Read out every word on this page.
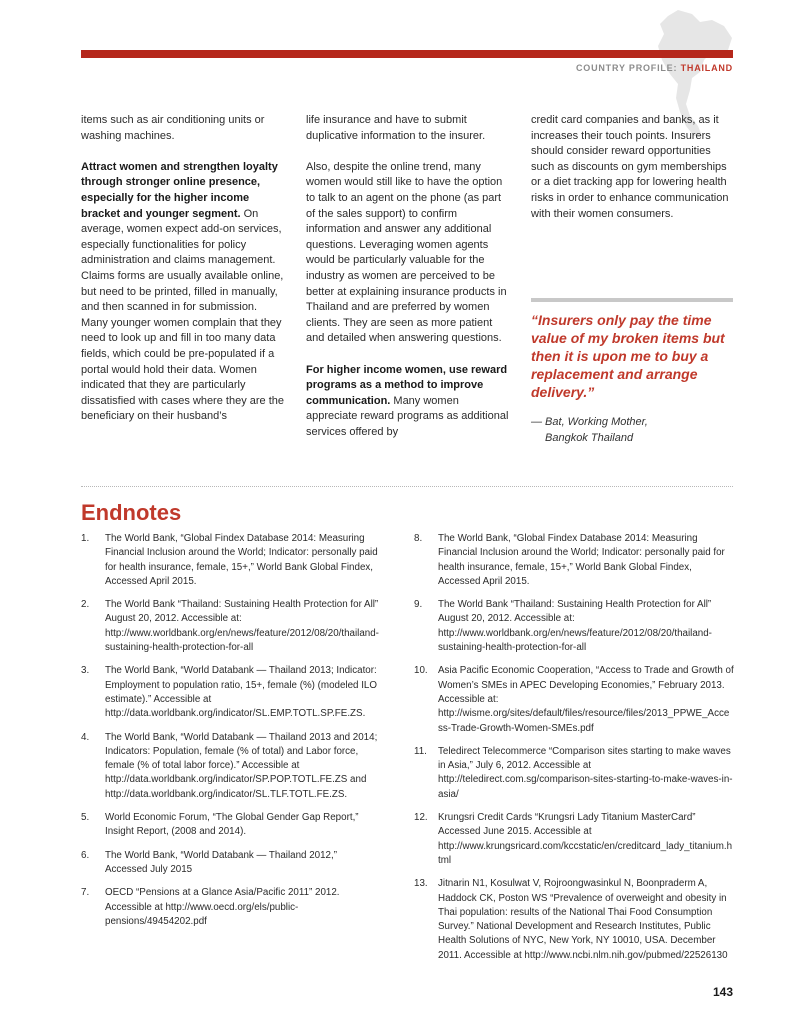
COUNTRY PROFILE: THAILAND

items such as air conditioning units or washing machines.

Attract women and strengthen loyalty through stronger online presence, especially for the higher income bracket and younger segment. On average, women expect add-on services, especially functionalities for policy administration and claims management. Claims forms are usually available online, but need to be printed, filled in manually, and then scanned in for submission. Many younger women complain that they need to look up and fill in too many data fields, which could be pre-populated if a portal would hold their data. Women indicated that they are particularly dissatisfied with cases where they are the beneficiary on their husband’s

life insurance and have to submit duplicative information to the insurer.

Also, despite the online trend, many women would still like to have the option to talk to an agent on the phone (as part of the sales support) to confirm information and answer any additional questions. Leveraging women agents would be particularly valuable for the industry as women are perceived to be better at explaining insurance products in Thailand and are preferred by women clients. They are seen as more patient and detailed when answering questions.

For higher income women, use reward programs as a method to improve communication. Many women appreciate reward programs as additional services offered by

credit card companies and banks, as it increases their touch points. Insurers should consider reward opportunities such as discounts on gym memberships or a diet tracking app for lowering health risks in order to enhance communication with their women consumers.

“Insurers only pay the time value of my broken items but then it is upon me to buy a replacement and arrange delivery.”
— Bat, Working Mother,
Bangkok Thailand
Endnotes
1. The World Bank, “Global Findex Database 2014: Measuring Financial Inclusion around the World; Indicator: personally paid for health insurance, female, 15+,” World Bank Global Findex, Accessed April 2015.
2. The World Bank “Thailand: Sustaining Health Protection for All” August 20, 2012. Accessible at: http://www.worldbank.org/en/news/feature/2012/08/20/thailand-sustaining-health-protection-for-all
3. The World Bank, “World Databank — Thailand 2013; Indicator: Employment to population ratio, 15+, female (%) (modeled ILO estimate).” Accessible at http://data.worldbank.org/indicator/SL.EMP.TOTL.SP.FE.ZS.
4. The World Bank, “World Databank — Thailand 2013 and 2014; Indicators: Population, female (% of total) and Labor force, female (% of total labor force).” Accessible at http://data.worldbank.org/indicator/SP.POP.TOTL.FE.ZS and http://data.worldbank.org/indicator/SL.TLF.TOTL.FE.ZS.
5. World Economic Forum, “The Global Gender Gap Report,” Insight Report, (2008 and 2014).
6. The World Bank, “World Databank — Thailand 2012,” Accessed July 2015
7. OECD “Pensions at a Glance Asia/Pacific 2011” 2012. Accessible at http://www.oecd.org/els/public-pensions/49454202.pdf
8. The World Bank, “Global Findex Database 2014: Measuring Financial Inclusion around the World; Indicator: personally paid for health insurance, female, 15+,” World Bank Global Findex, Accessed April 2015.
9. The World Bank “Thailand: Sustaining Health Protection for All” August 20, 2012. Accessible at: http://www.worldbank.org/en/news/feature/2012/08/20/thailand-sustaining-health-protection-for-all
10. Asia Pacific Economic Cooperation, “Access to Trade and Growth of Women’s SMEs in APEC Developing Economies,” February 2013. Accessible at: http://wisme.org/sites/default/files/resource/files/2013_PPWE_Access-Trade-Growth-Women-SMEs.pdf
11. Teledirect Telecommerce “Comparison sites starting to make waves in Asia,” July 6, 2012. Accessible at http://teledirect.com.sg/comparison-sites-starting-to-make-waves-in-asia/
12. Krungsri Credit Cards “Krungsri Lady Titanium MasterCard” Accessed June 2015. Accessible at http://www.krungsricard.com/kccstatic/en/creditcard_lady_titanium.html
13. Jitnarin N1, Kosulwat V, Rojroongwasinkul N, Boonpraderm A, Haddock CK, Poston WS “Prevalence of overweight and obesity in Thai population: results of the National Thai Food Consumption Survey.” National Development and Research Institutes, Public Health Solutions of NYC, New York, NY 10010, USA. December 2011. Accessible at http://www.ncbi.nlm.nih.gov/pubmed/22526130
143
